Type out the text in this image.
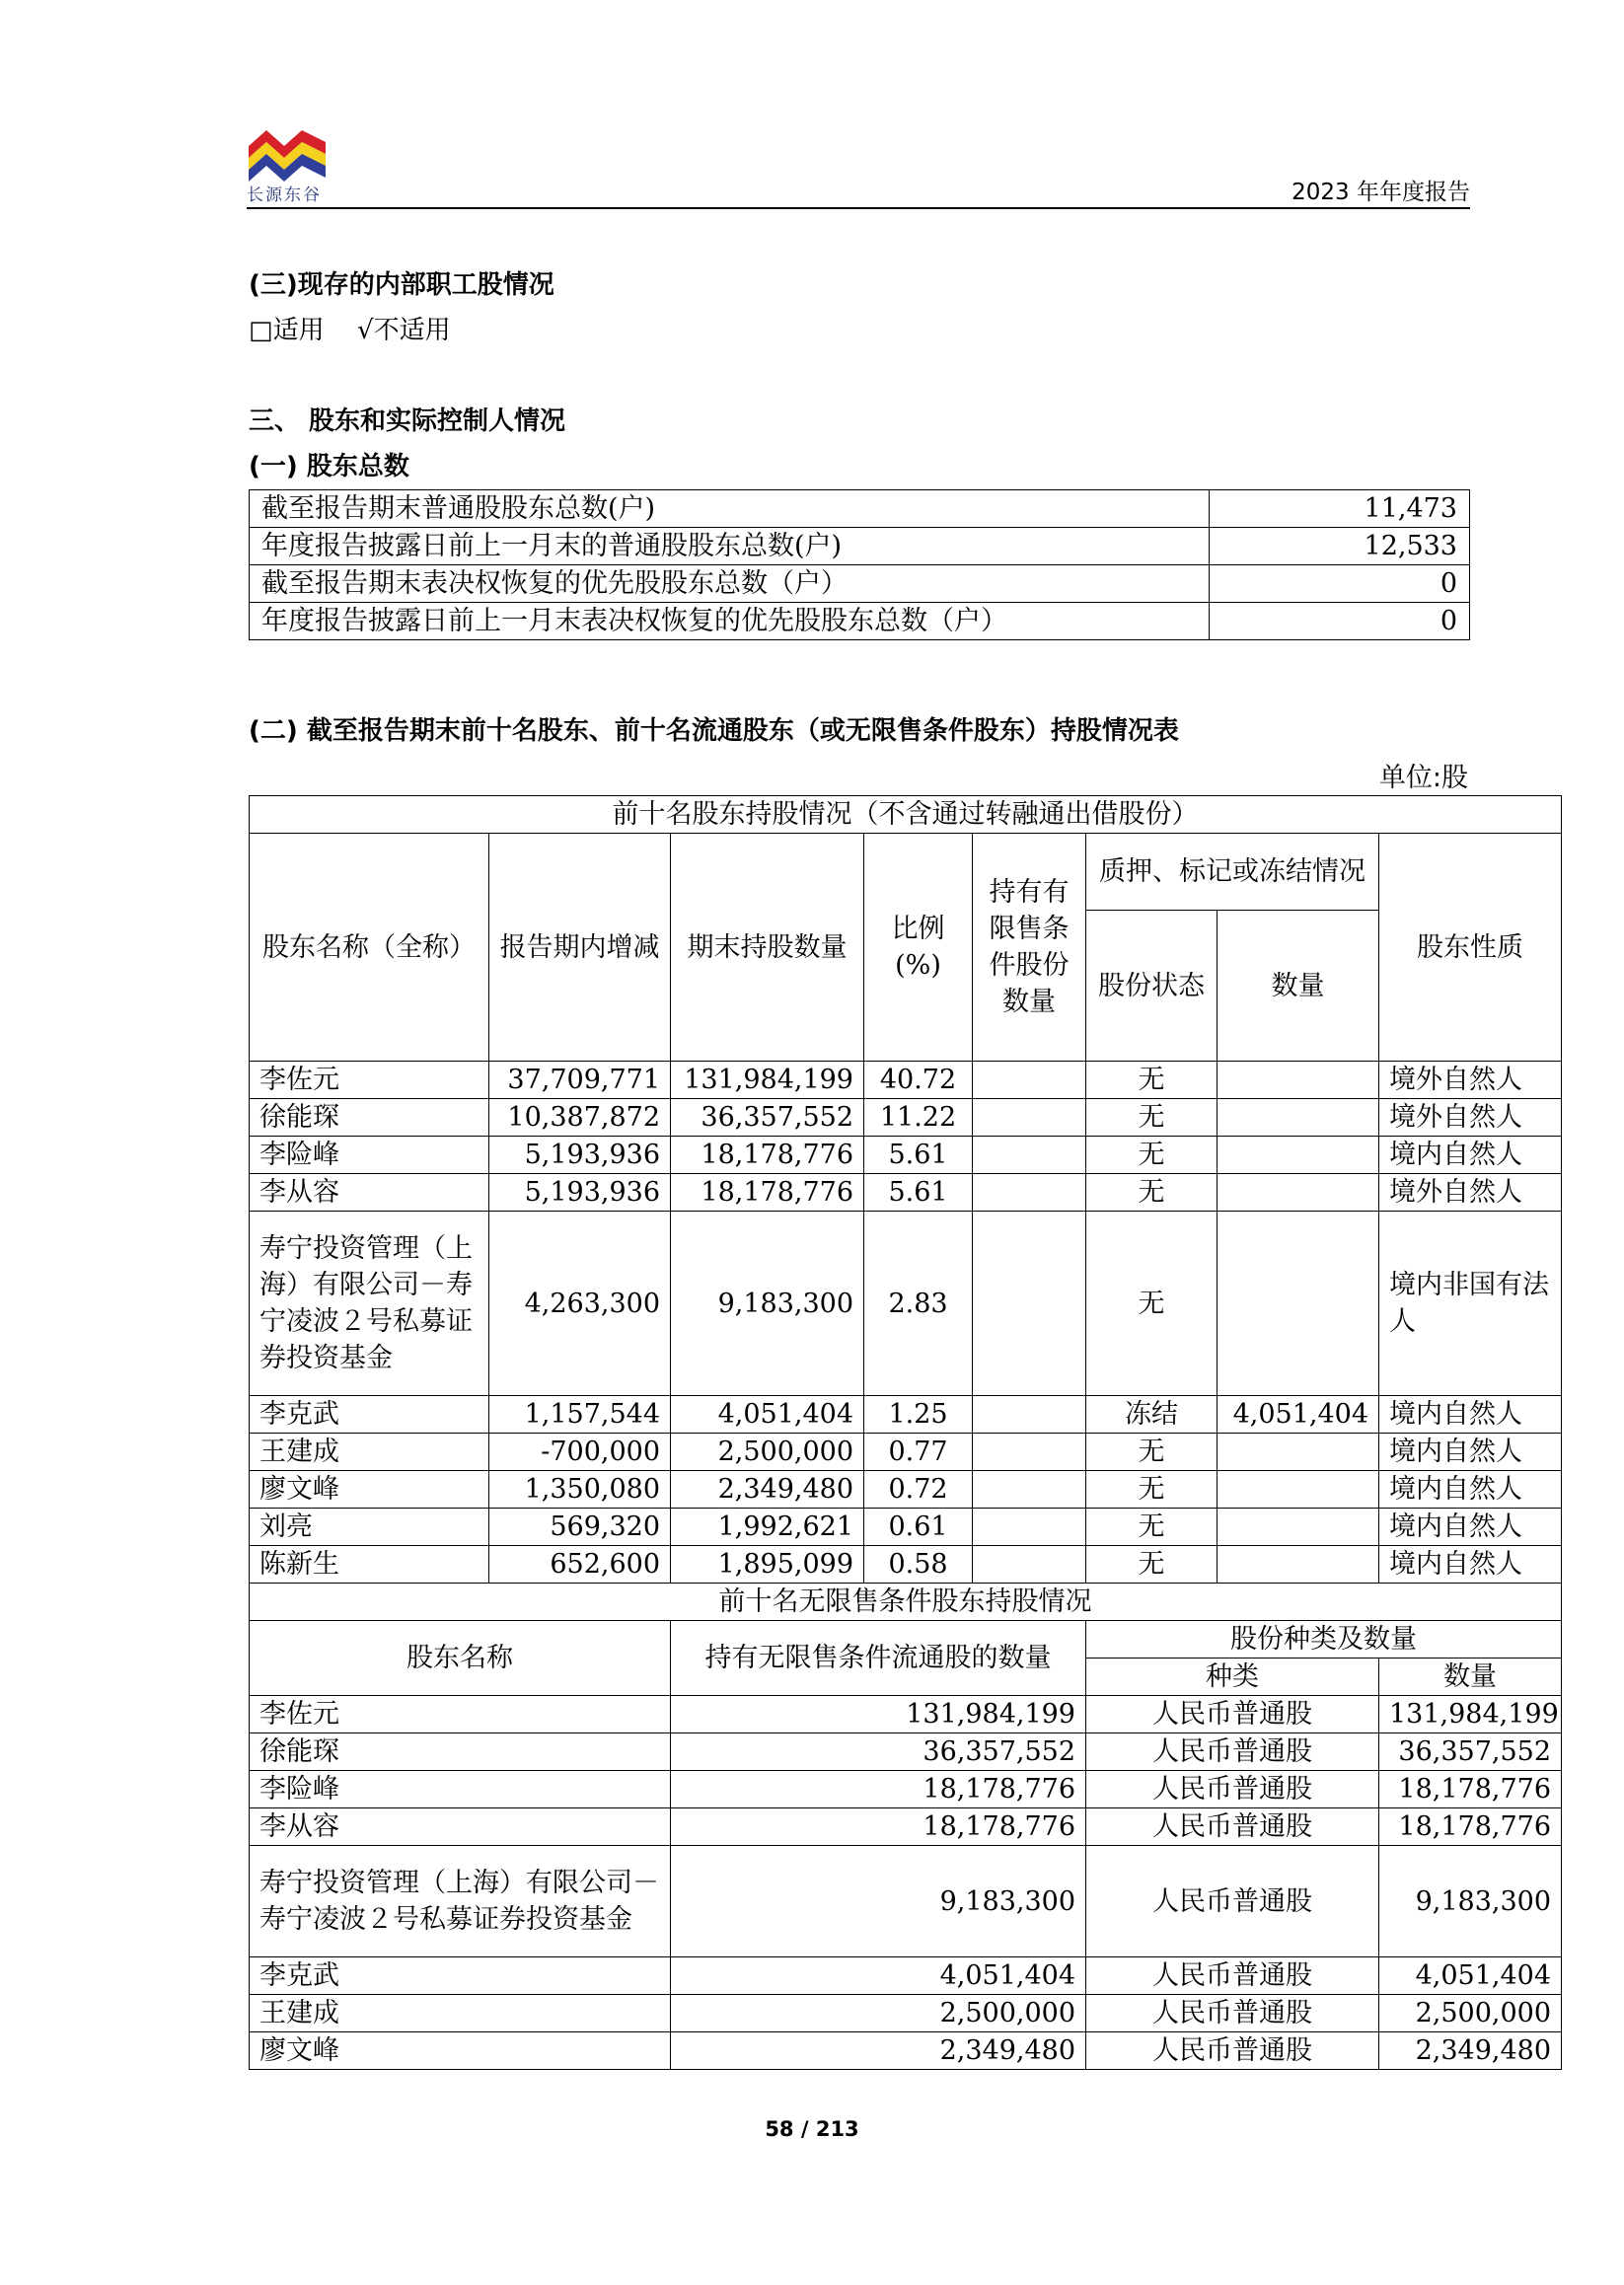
长源东谷	2023 年年度报告
(三)现存的内部职工股情况
□适用 √不适用
三、 股东和实际控制人情况
(一) 股东总数
截至报告期末普通股股东总数(户)	11,473
年度报告披露日前上一月末的普通股股东总数(户)	12,533
截至报告期末表决权恢复的优先股股东总数（户）	0
年度报告披露日前上一月末表决权恢复的优先股股东总数（户）	0
(二) 截至报告期末前十名股东、前十名流通股东（或无限售条件股东）持股情况表
单位:股
前十名股东持股情况（不含通过转融通出借股份）							
股东名称（全称）	报告期内增减	期末持股数量	比例(%)	持有有限售条件股份数量	质押、标记或冻结情况		股东性质
					股份状态	数量	
李佐元	37,709,771	131,984,199	40.72		无		境外自然人
徐能琛	10,387,872	36,357,552	11.22		无		境外自然人
李险峰	5,193,936	18,178,776	5.61		无		境内自然人
李从容	5,193,936	18,178,776	5.61		无		境外自然人
寿宁投资管理（上海）有限公司－寿宁凌波２号私募证券投资基金	4,263,300	9,183,300	2.83		无		境内非国有法人
李克武	1,157,544	4,051,404	1.25		冻结	4,051,404	境内自然人
王建成	-700,000	2,500,000	0.77		无		境内自然人
廖文峰	1,350,080	2,349,480	0.72		无		境内自然人
刘亮	569,320	1,992,621	0.61		无		境内自然人
陈新生	652,600	1,895,099	0.58		无		境内自然人
前十名无限售条件股东持股情况							
股东名称		持有无限售条件流通股的数量			股份种类及数量		
					种类		数量
李佐元		131,984,199			人民币普通股		131,984,199
徐能琛		36,357,552			人民币普通股		36,357,552
李险峰		18,178,776			人民币普通股		18,178,776
李从容		18,178,776			人民币普通股		18,178,776
寿宁投资管理（上海）有限公司－寿宁凌波２号私募证券投资基金		9,183,300			人民币普通股		9,183,300
李克武		4,051,404			人民币普通股		4,051,404
王建成		2,500,000			人民币普通股		2,500,000
廖文峰		2,349,480			人民币普通股		2,349,480
58 / 213
